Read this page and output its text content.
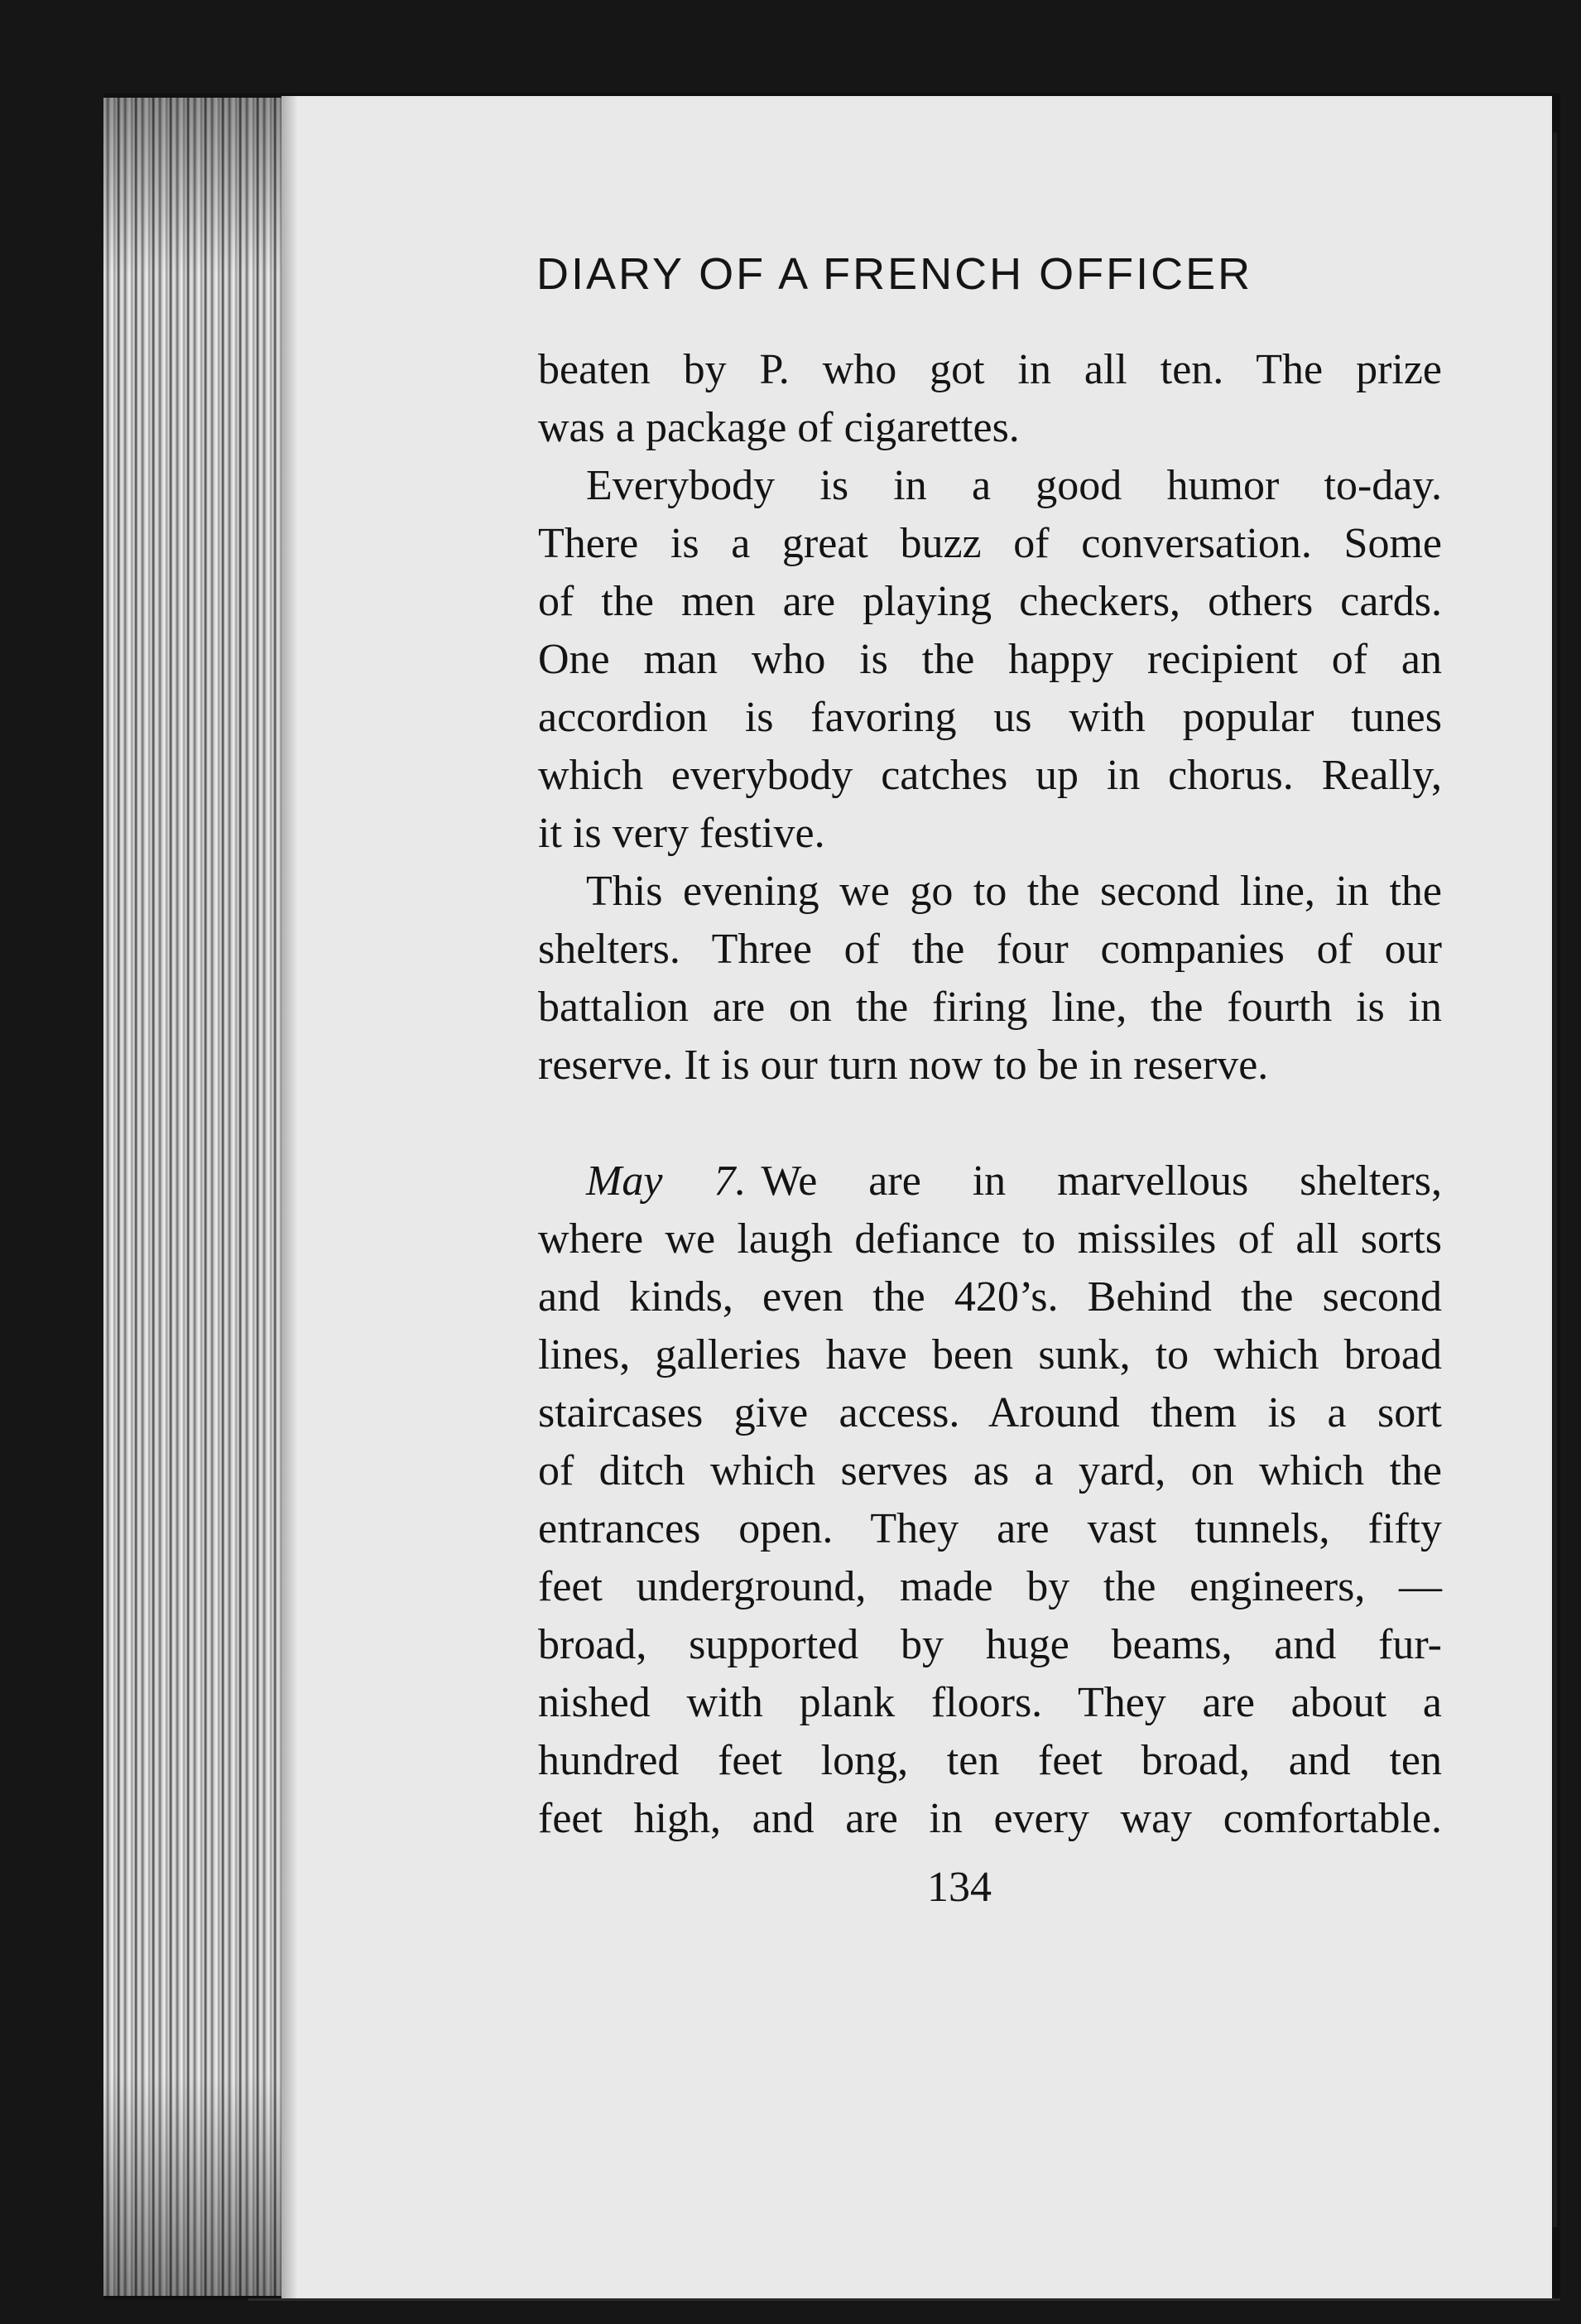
DIARY OF A FRENCH OFFICER
beaten by P. who got in all ten. The prize
was a package of cigarettes.
Everybody is in a good humor to-day.
There is a great buzz of conversation. Some
of the men are playing checkers, others cards.
One man who is the happy recipient of an
accordion is favoring us with popular tunes
which everybody catches up in chorus. Really,
it is very festive.
This evening we go to the second line, in the
shelters. Three of the four companies of our
battalion are on the firing line, the fourth is in
reserve. It is our turn now to be in reserve.
May 7. We are in marvellous shelters,
where we laugh defiance to missiles of all sorts
and kinds, even the 420’s. Behind the second
lines, galleries have been sunk, to which broad
staircases give access. Around them is a sort
of ditch which serves as a yard, on which the
entrances open. They are vast tunnels, fifty
feet underground, made by the engineers, —
broad, supported by huge beams, and fur-
nished with plank floors. They are about a
hundred feet long, ten feet broad, and ten
feet high, and are in every way comfortable.

134
